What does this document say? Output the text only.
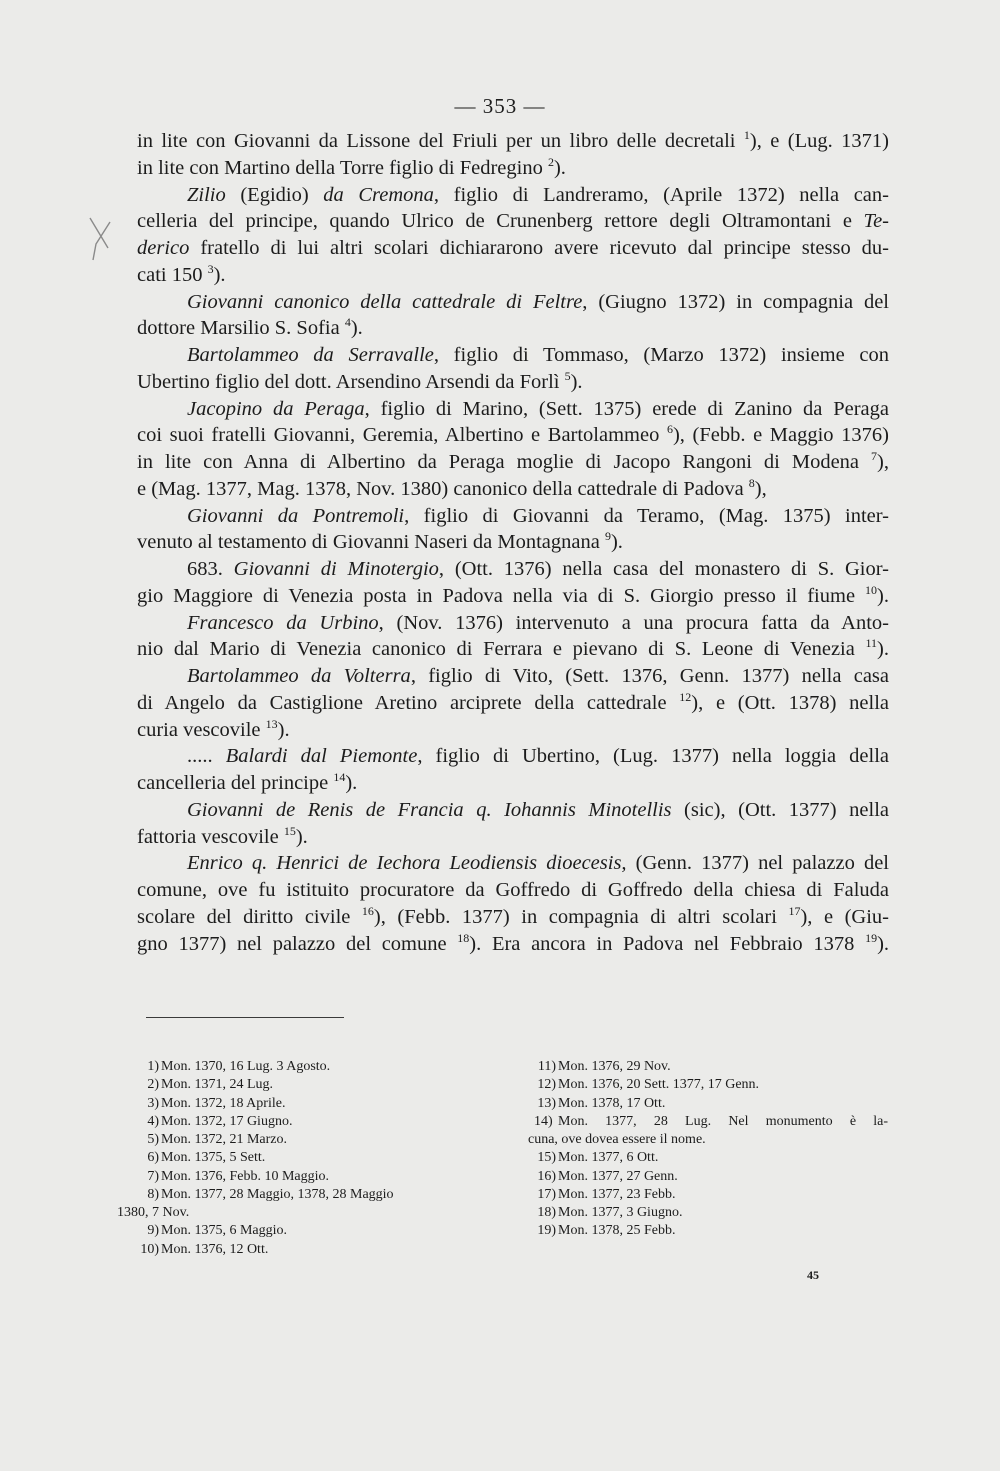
— 353 —
in lite con Giovanni da Lissone del Friuli per un libro delle decretali $^1$), e (Lug. 1371)
in lite con Martino della Torre figlio di Fedregino $^2$).
Zilio (Egidio) da Cremona, figlio di Landreramo, (Aprile 1372) nella can-
celleria del principe, quando Ulrico de Crunenberg rettore degli Oltramontani e Te-
derico fratello di lui altri scolari dichiararono avere ricevuto dal principe stesso du-
cati 150 $^3$).
Giovanni canonico della cattedrale di Feltre, (Giugno 1372) in compagnia del
dottore Marsilio S. Sofia $^4$).
Bartolammeo da Serravalle, figlio di Tommaso, (Marzo 1372) insieme con
Ubertino figlio del dott. Arsendino Arsendi da Forlì $^5$).
Jacopino da Peraga, figlio di Marino, (Sett. 1375) erede di Zanino da Peraga
coi suoi fratelli Giovanni, Geremia, Albertino e Bartolammeo $^6$), (Febb. e Maggio 1376)
in lite con Anna di Albertino da Peraga moglie di Jacopo Rangoni di Modena $^7$),
e (Mag. 1377, Mag. 1378, Nov. 1380) canonico della cattedrale di Padova $^8$),
Giovanni da Pontremoli, figlio di Giovanni da Teramo, (Mag. 1375) inter-
venuto al testamento di Giovanni Naseri da Montagnana $^9$).
683. Giovanni di Minotergio, (Ott. 1376) nella casa del monastero di S. Gior-
gio Maggiore di Venezia posta in Padova nella via di S. Giorgio presso il fiume $^{10}$).
Francesco da Urbino, (Nov. 1376) intervenuto a una procura fatta da Anto-
nio dal Mario di Venezia canonico di Ferrara e pievano di S. Leone di Venezia $^{11}$).
Bartolammeo da Volterra, figlio di Vito, (Sett. 1376, Genn. 1377) nella casa
di Angelo da Castiglione Aretino arciprete della cattedrale $^{12}$), e (Ott. 1378) nella
curia vescovile $^{13}$).
..... Balardi dal Piemonte, figlio di Ubertino, (Lug. 1377) nella loggia della
cancelleria del principe $^{14}$).
Giovanni de Renis de Francia q. Iohannis Minotellis (sic), (Ott. 1377) nella
fattoria vescovile $^{15}$).
Enrico q. Henrici de Iechora Leodiensis dioecesis, (Genn. 1377) nel palazzo del
comune, ove fu istituito procuratore da Goffredo di Goffredo della chiesa di Faluda
scolare del diritto civile $^{16}$), (Febb. 1377) in compagnia di altri scolari $^{17}$), e (Giu-
gno 1377) nel palazzo del comune $^{18}$). Era ancora in Padova nel Febbraio 1378 $^{19}$).
1) Mon. 1370, 16 Lug. 3 Agosto.
2) Mon. 1371, 24 Lug.
3) Mon. 1372, 18 Aprile.
4) Mon. 1372, 17 Giugno.
5) Mon. 1372, 21 Marzo.
6) Mon. 1375, 5 Sett.
7) Mon. 1376, Febb. 10 Maggio.
8) Mon. 1377, 28 Maggio, 1378, 28 Maggio
1380, 7 Nov.
9) Mon. 1375, 6 Maggio.
10) Mon. 1376, 12 Ott.
11) Mon. 1376, 29 Nov.
12) Mon. 1376, 20 Sett. 1377, 17 Genn.
13) Mon. 1378, 17 Ott.
14) Mon. 1377, 28 Lug. Nel monumento è la-
cuna, ove dovea essere il nome.
15) Mon. 1377, 6 Ott.
16) Mon. 1377, 27 Genn.
17) Mon. 1377, 23 Febb.
18) Mon. 1377, 3 Giugno.
19) Mon. 1378, 25 Febb.
45
